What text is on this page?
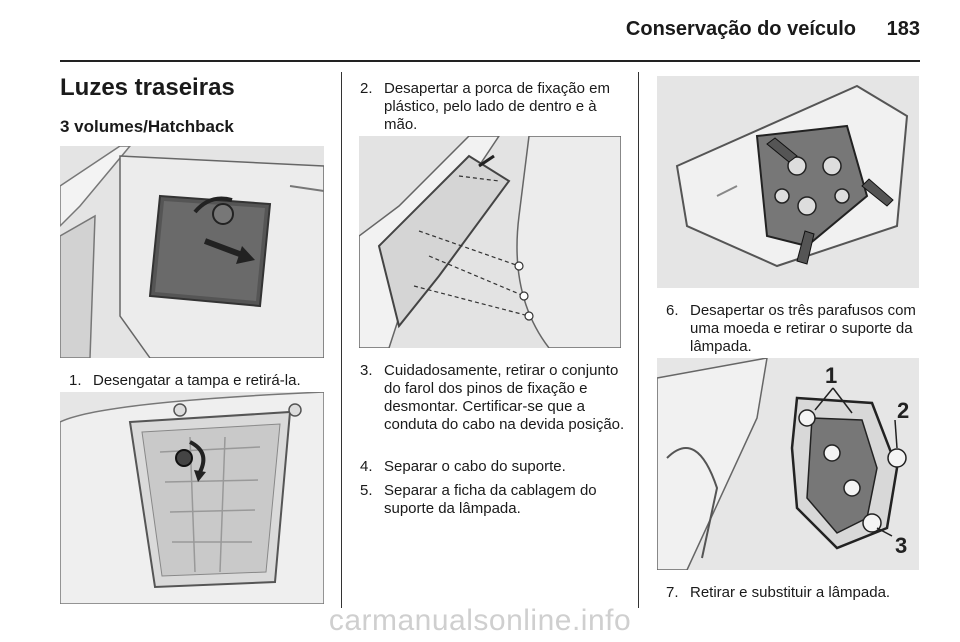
Conservação do veículo 183
Luzes traseiras
3 volumes/Hatchback
1. Desengatar a tampa e retirá-la.
2. Desapertar a porca de fixação em plástico, pelo lado de dentro e à mão.
3. Cuidadosamente, retirar o conjunto do farol dos pinos de fixação e desmontar. Certificar-se que a conduta do cabo na devida posição.
4. Separar o cabo do suporte.
5. Separar a ficha da cablagem do suporte da lâmpada.
6. Desapertar os três parafusos com uma moeda e retirar o suporte da lâmpada.
1
2
3
7. Retirar e substituir a lâmpada.
carmanualsonline.info
